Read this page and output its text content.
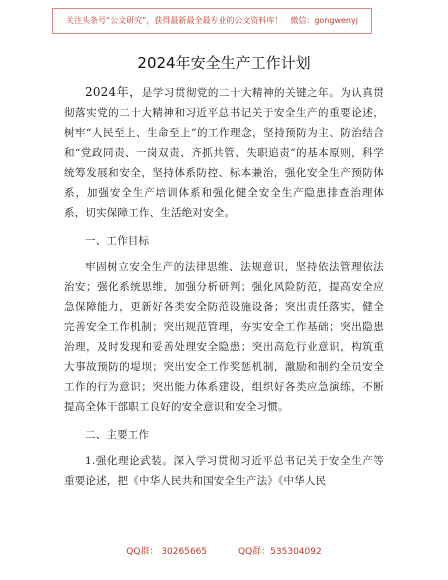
关注头条号“公文研究”，获得最新最全最专业的公文资料库！　微信：gongwenyj
2024年安全生产工作计划

2024年，是学习贯彻党的二十大精神的关键之年。为认真贯彻落实党的二十大精神和习近平总书记关于安全生产的重要论述，树牢“人民至上、生命至上”的工作理念，坚持预防为主、防治结合和“党政同责、一岗双责、齐抓共管、失职追责”的基本原则，科学统筹发展和安全，坚持体系防控、标本兼治，强化安全生产预防体系，加强安全生产培训体系和强化健全安全生产隐患排查治理体系，切实保障工作、生活绝对安全。

一、工作目标

牢固树立安全生产的法律思维、法规意识，坚持依法管理依法治安；强化系统思维，加强分析研判；强化风险防范，提高安全应急保障能力，更新好各类安全防范设施设备；突出责任落实，健全完善安全工作机制；突出规范管理，夯实安全工作基础；突出隐患治理，及时发现和妥善处理安全隐患；突出高危行业意识，构筑重大事故预防的堤坝；突出安全工作奖惩机制，激励和制约全员安全工作的行为意识；突出能力体系建设，组织好各类应急演练，不断提高全体干部职工良好的安全意识和安全习惯。

二、主要工作

1.强化理论武装。深入学习贯彻习近平总书记关于安全生产等重要论述，把《中华人民共和国安全生产法》《中华人民

QQ群： 30265665	QQ群：535304092
